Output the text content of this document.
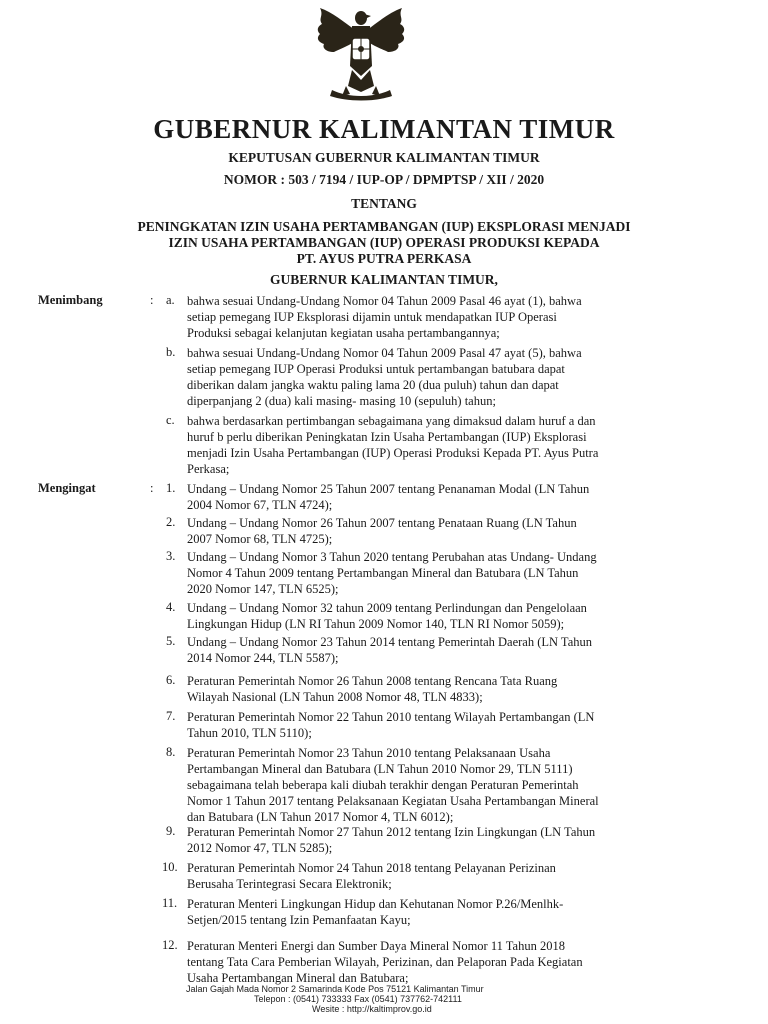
GUBERNUR KALIMANTAN TIMUR
KEPUTUSAN GUBERNUR KALIMANTAN TIMUR
NOMOR : 503 / 7194 / IUP-OP / DPMPTSP / XII / 2020
TENTANG
PENINGKATAN IZIN USAHA PERTAMBANGAN (IUP) EKSPLORASI MENJADI
IZIN USAHA PERTAMBANGAN (IUP) OPERASI PRODUKSI KEPADA
PT. AYUS PUTRA PERKASA
GUBERNUR KALIMANTAN TIMUR,
Menimbang	: a. bahwa sesuai Undang-Undang Nomor 04 Tahun 2009 Pasal 46 ayat (1), bahwa
setiap pemegang IUP Eksplorasi dijamin untuk mendapatkan IUP Operasi
Produksi sebagai kelanjutan kegiatan usaha pertambangannya;
b. bahwa sesuai Undang-Undang Nomor 04 Tahun 2009 Pasal 47 ayat (5), bahwa
setiap pemegang IUP Operasi Produksi untuk pertambangan batubara dapat
diberikan dalam jangka waktu paling lama 20 (dua puluh) tahun dan dapat
diperpanjang 2 (dua) kali masing- masing 10 (sepuluh) tahun;
c. bahwa berdasarkan pertimbangan sebagaimana yang dimaksud dalam huruf a dan
huruf b perlu diberikan Peningkatan Izin Usaha Pertambangan (IUP) Eksplorasi
menjadi Izin Usaha Pertambangan (IUP) Operasi Produksi Kepada PT. Ayus Putra
Perkasa;
Mengingat	: 1. Undang – Undang Nomor 25 Tahun 2007 tentang Penanaman Modal (LN Tahun
2004 Nomor 67, TLN 4724);
2. Undang – Undang Nomor 26 Tahun 2007 tentang Penataan Ruang (LN Tahun
2007 Nomor 68, TLN 4725);
3. Undang – Undang Nomor 3 Tahun 2020 tentang Perubahan atas Undang- Undang
Nomor 4 Tahun 2009 tentang Pertambangan Mineral dan Batubara (LN Tahun
2020 Nomor 147, TLN 6525);
4. Undang – Undang Nomor 32 tahun 2009 tentang Perlindungan dan Pengelolaan
Lingkungan Hidup (LN RI Tahun 2009 Nomor 140, TLN RI Nomor 5059);
5. Undang – Undang Nomor 23 Tahun 2014 tentang Pemerintah Daerah (LN Tahun
2014 Nomor 244, TLN 5587);
6. Peraturan Pemerintah Nomor 26 Tahun 2008 tentang Rencana Tata Ruang
Wilayah Nasional (LN Tahun 2008 Nomor 48, TLN 4833);
7. Peraturan Pemerintah Nomor 22 Tahun 2010 tentang Wilayah Pertambangan (LN
Tahun 2010, TLN 5110);
8. Peraturan Pemerintah Nomor 23 Tahun 2010 tentang Pelaksanaan Usaha
Pertambangan Mineral dan Batubara (LN Tahun 2010 Nomor 29, TLN 5111)
sebagaimana telah beberapa kali diubah terakhir dengan Peraturan Pemerintah
Nomor 1 Tahun 2017 tentang Pelaksanaan Kegiatan Usaha Pertambangan Mineral
dan Batubara (LN Tahun 2017 Nomor 4, TLN 6012);
9. Peraturan Pemerintah Nomor 27 Tahun 2012 tentang Izin Lingkungan (LN Tahun
2012 Nomor 47, TLN 5285);
10. Peraturan Pemerintah Nomor 24 Tahun 2018 tentang Pelayanan Perizinan
Berusaha Terintegrasi Secara Elektronik;
11. Peraturan Menteri Lingkungan Hidup dan Kehutanan Nomor P.26/Menlhk-
Setjen/2015 tentang Izin Pemanfaatan Kayu;
12. Peraturan Menteri Energi dan Sumber Daya Mineral Nomor 11 Tahun 2018
tentang Tata Cara Pemberian Wilayah, Perizinan, dan Pelaporan Pada Kegiatan
Usaha Pertambangan Mineral dan Batubara;
Jalan Gajah Mada Nomor 2 Samarinda Kode Pos 75121 Kalimantan Timur
Telepon : (0541) 733333 Fax (0541) 737762-742111
Wesite : http://kaltimprov.go.id
